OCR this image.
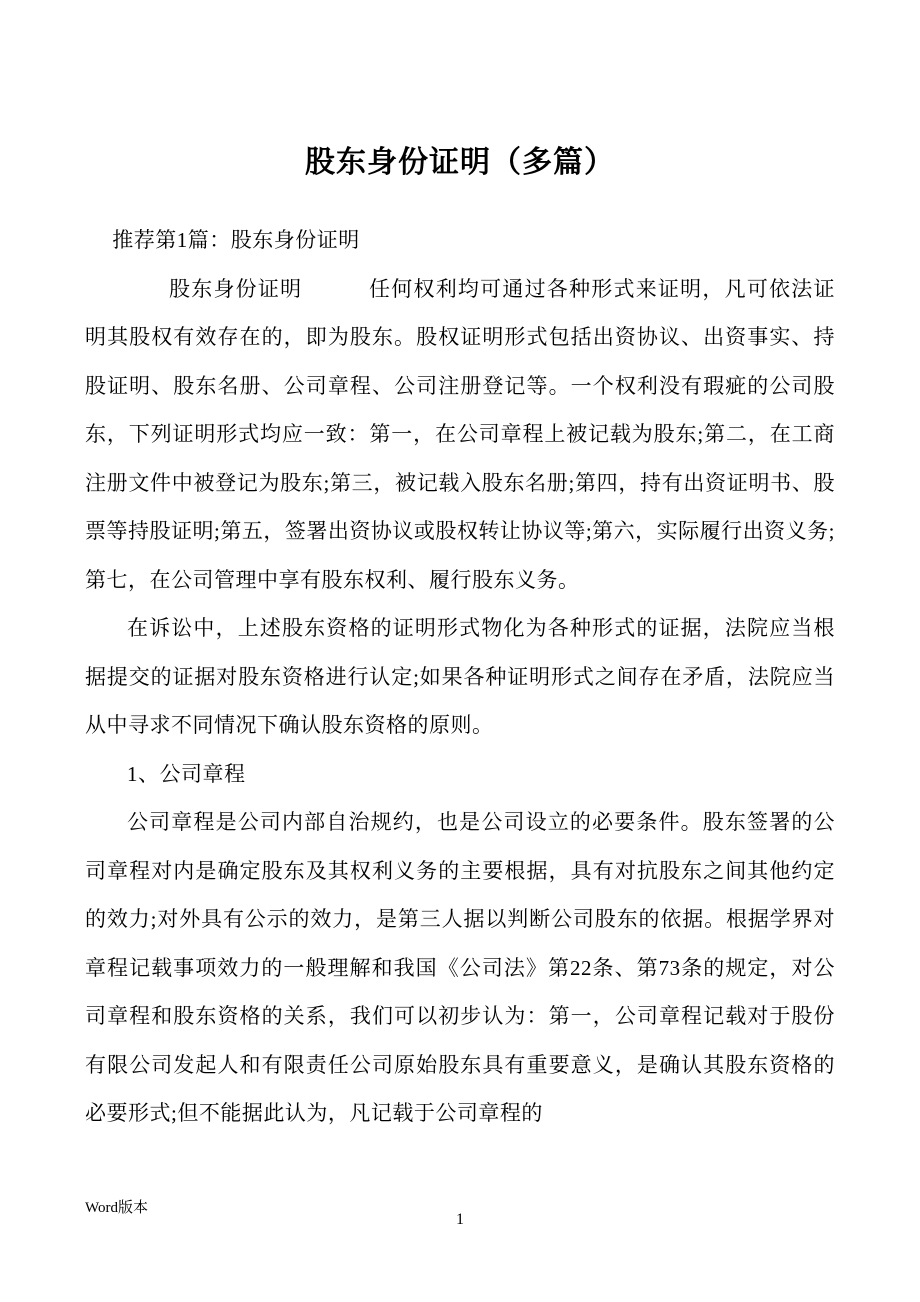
股东身份证明（多篇）

推荐第1篇：股东身份证明

股东身份证明　　　任何权利均可通过各种形式来证明，凡可依法证明其股权有效存在的，即为股东。股权证明形式包括出资协议、出资事实、持股证明、股东名册、公司章程、公司注册登记等。一个权利没有瑕疵的公司股东，下列证明形式均应一致：第一，在公司章程上被记载为股东;第二，在工商注册文件中被登记为股东;第三，被记载入股东名册;第四，持有出资证明书、股票等持股证明;第五，签署出资协议或股权转让协议等;第六，实际履行出资义务;第七，在公司管理中享有股东权利、履行股东义务。

在诉讼中，上述股东资格的证明形式物化为各种形式的证据，法院应当根据提交的证据对股东资格进行认定;如果各种证明形式之间存在矛盾，法院应当从中寻求不同情况下确认股东资格的原则。

1、公司章程

公司章程是公司内部自治规约，也是公司设立的必要条件。股东签署的公司章程对内是确定股东及其权利义务的主要根据，具有对抗股东之间其他约定的效力;对外具有公示的效力，是第三人据以判断公司股东的依据。根据学界对章程记载事项效力的一般理解和我国《公司法》第22条、第73条的规定，对公司章程和股东资格的关系，我们可以初步认为：第一，公司章程记载对于股份有限公司发起人和有限责任公司原始股东具有重要意义，是确认其股东资格的必要形式;但不能据此认为，凡记载于公司章程的

Word版本
1
